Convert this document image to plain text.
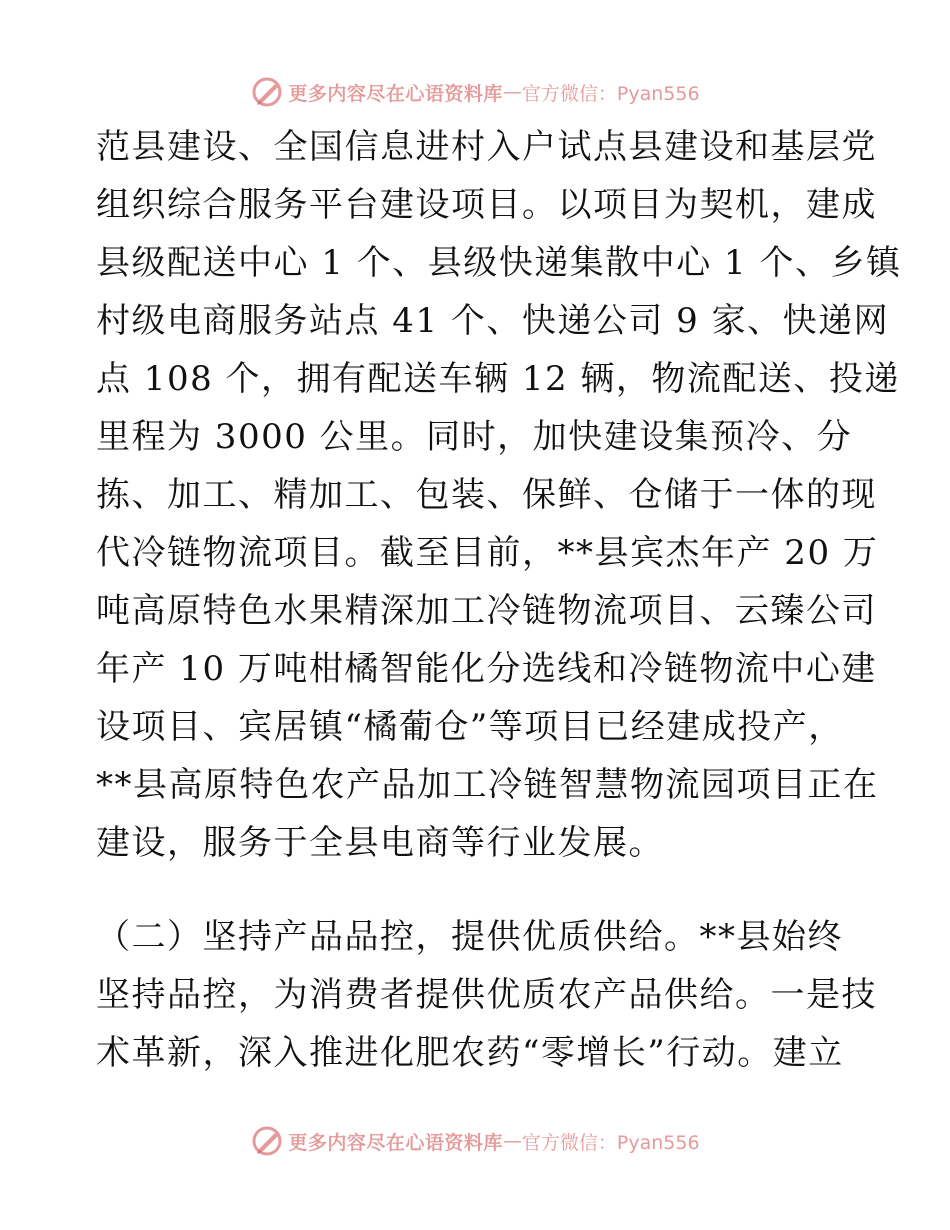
更多内容尽在心语资料库 — 官方微信：Pyan556
范县建设、全国信息进村入户试点县建设和基层党
组织综合服务平台建设项目。以项目为契机，建成
县级配送中心 1 个、县级快递集散中心 1 个、乡镇
村级电商服务站点 41 个、快递公司 9 家、快递网
点 108 个，拥有配送车辆 12 辆，物流配送、投递
里程为 3000 公里。同时，加快建设集预冷、分
拣、加工、精加工、包装、保鲜、仓储于一体的现
代冷链物流项目。截至目前，**县宾杰年产 20 万
吨高原特色水果精深加工冷链物流项目、云臻公司
年产 10 万吨柑橘智能化分选线和冷链物流中心建
设项目、宾居镇“橘葡仓”等项目已经建成投产，
**县高原特色农产品加工冷链智慧物流园项目正在
建设，服务于全县电商等行业发展。
（二）坚持产品品控，提供优质供给。**县始终
坚持品控，为消费者提供优质农产品供给。一是技
术革新，深入推进化肥农药“零增长”行动。建立
更多内容尽在心语资料库 — 官方微信：Pyan556
